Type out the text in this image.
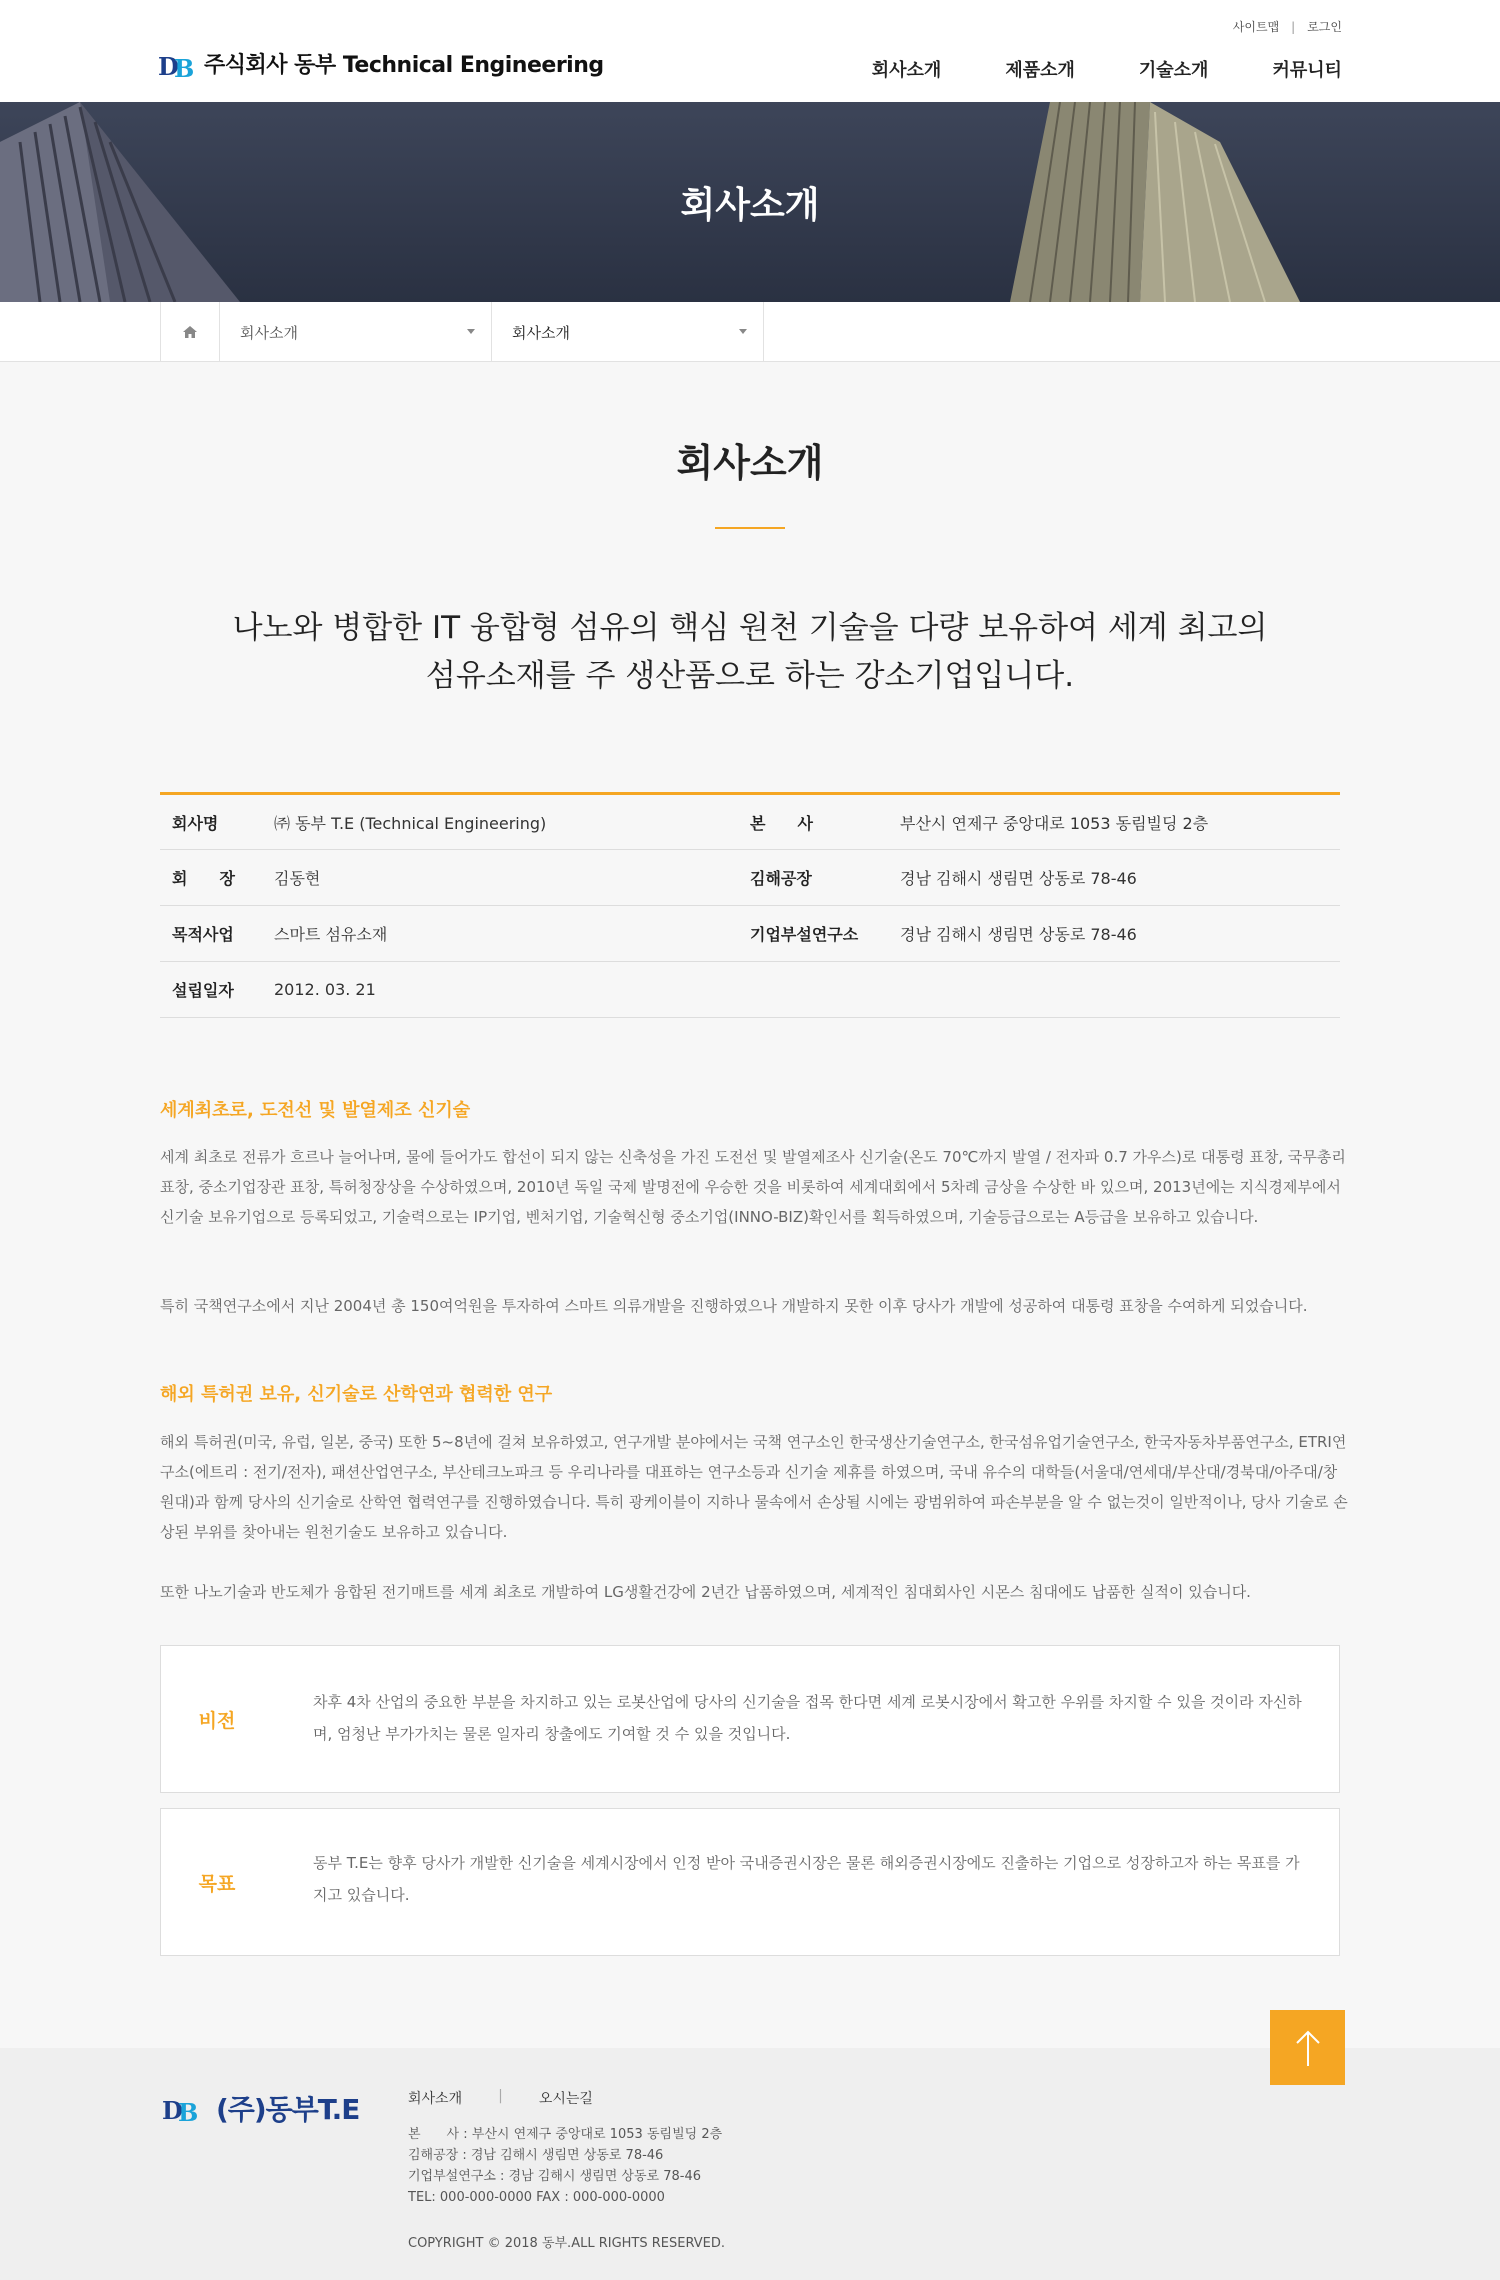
사이트맵 | 로그인
D
B 주식회사 동부 Technical Engineering	회사소개	제품소개	기술소개	커뮤니티
회사소개
회사소개	회사소개
회사소개
나노와 병합한 IT 융합형 섬유의 핵심 원천 기술을 다량 보유하여 세계 최고의
섬유소재를 주 생산품으로 하는 강소기업입니다.
회사명	㈜ 동부 T.E (Technical Engineering)	본　　사	부산시 연제구 중앙대로 1053 동림빌딩 2층
회　　장	김동현	김해공장	경남 김해시 생림면 상동로 78-46
목적사업	스마트 섬유소재	기업부설연구소	경남 김해시 생림면 상동로 78-46
설립일자	2012. 03. 21		
세계최초로, 도전선 및 발열제조 신기술

세계 최초로 전류가 흐르나 늘어나며, 물에 들어가도 합선이 되지 않는 신축성을 가진 도전선 및 발열제조사 신기술(온도 70℃까지 발열 / 전자파 0.7 가우스)로 대통령 표창, 국무총리 표창, 중소기업장관 표창, 특허청장상을 수상하였으며, 2010년 독일 국제 발명전에 우승한 것을 비롯하여 세계대회에서 5차례 금상을 수상한 바 있으며, 2013년에는 지식경제부에서 신기술 보유기업으로 등록되었고, 기술력으로는 IP기업, 벤처기업, 기술혁신형 중소기업(INNO-BIZ)확인서를 획득하였으며, 기술등급으로는 A등급을 보유하고 있습니다.

특히 국책연구소에서 지난 2004년 총 150여억원을 투자하여 스마트 의류개발을 진행하였으나 개발하지 못한 이후 당사가 개발에 성공하여 대통령 표창을 수여하게 되었습니다.

해외 특허권 보유, 신기술로 산학연과 협력한 연구

해외 특허권(미국, 유럽, 일본, 중국) 또한 5~8년에 걸쳐 보유하였고, 연구개발 분야에서는 국책 연구소인 한국생산기술연구소, 한국섬유업기술연구소, 한국자동차부품연구소, ETRI연구소(에트리 : 전기/전자), 패션산업연구소, 부산테크노파크 등 우리나라를 대표하는 연구소등과 신기술 제휴를 하였으며, 국내 유수의 대학들(서울대/연세대/부산대/경북대/아주대/창원대)과 함께 당사의 신기술로 산학연 협력연구를 진행하였습니다. 특히 광케이블이 지하나 물속에서 손상될 시에는 광범위하여 파손부분을 알 수 없는것이 일반적이나, 당사 기술로 손상된 부위를 찾아내는 원천기술도 보유하고 있습니다.

또한 나노기술과 반도체가 융합된 전기매트를 세계 최초로 개발하여 LG생활건강에 2년간 납품하였으며, 세계적인 침대회사인 시몬스 침대에도 납품한 실적이 있습니다.

비전

차후 4차 산업의 중요한 부분을 차지하고 있는 로봇산업에 당사의 신기술을 접목 한다면 세계 로봇시장에서 확고한 우위를 차지할 수 있을 것이라 자신하며, 엄청난 부가가치는 물론 일자리 창출에도 기여할 것 수 있을 것입니다.

목표

동부 T.E는 향후 당사가 개발한 신기술을 세계시장에서 인정 받아 국내증권시장은 물론 해외증권시장에도 진출하는 기업으로 성장하고자 하는 목표를 가지고 있습니다.

D
B (주)동부T.E	회사소개	|	오시는길
본　　사 : 부산시 연제구 중앙대로 1053 동림빌딩 2층
김해공장 : 경남 김해시 생림면 상동로 78-46
기업부설연구소 : 경남 김해시 생림면 상동로 78-46
TEL: 000-000-0000 FAX : 000-000-0000
COPYRIGHT © 2018 동부.ALL RIGHTS RESERVED.
